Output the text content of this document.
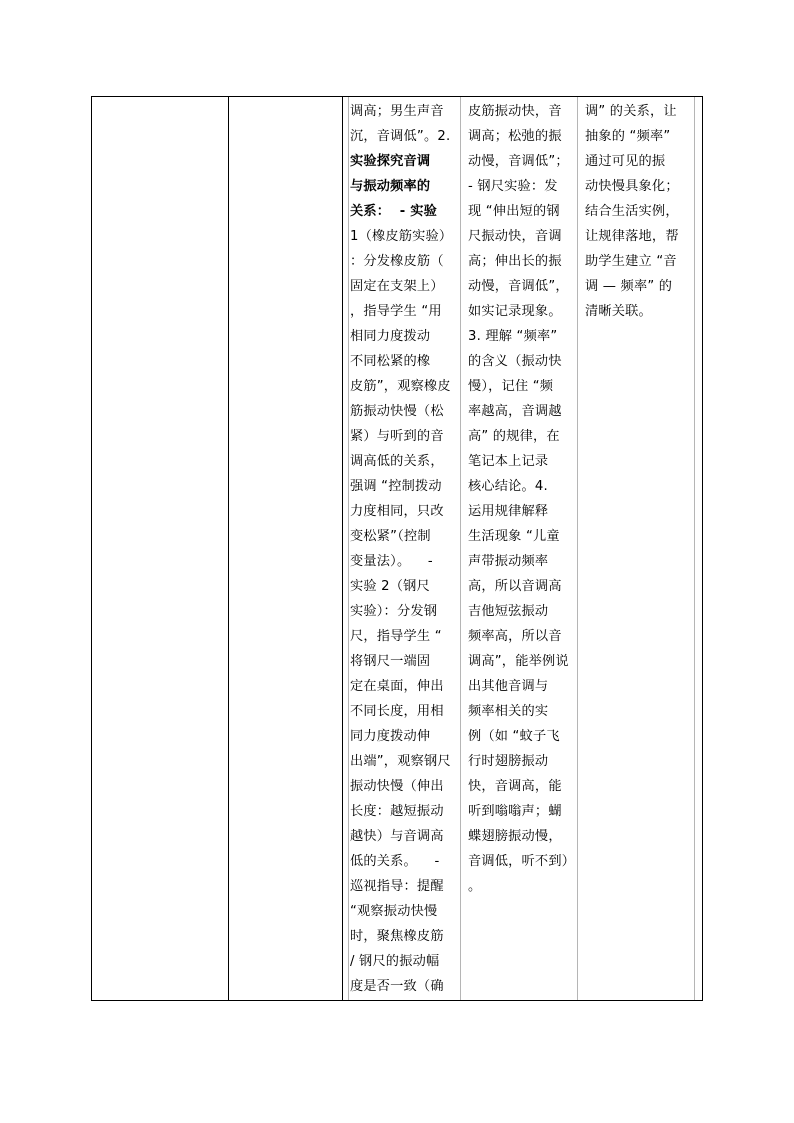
调高；男生声音
沉，音调低”。2.
实验探究音调
与振动频率的
关系：  - 实验
1（橡皮筋实验）
：分发橡皮筋（
固定在支架上）
，指导学生 “用
相同力度拨动
不同松紧的橡
皮筋”，观察橡皮
筋振动快慢（松
紧）与听到的音
调高低的关系，
强调 “控制拨动
力度相同，只改
变松紧”（控制
变量法）。    -
实验 2（钢尺
实验）：分发钢
尺，指导学生 “
将钢尺一端固
定在桌面，伸出
不同长度，用相
同力度拨动伸
出端”，观察钢尺
振动快慢（伸出
长度：越短振动
越快）与音调高
低的关系。    -
巡视指导：提醒
“观察振动快慢
时，聚焦橡皮筋
/ 钢尺的振动幅
度是否一致（确
皮筋振动快，音
调高；松弛的振
动慢，音调低”；
- 钢尺实验：发
现 “伸出短的钢
尺振动快，音调
高；伸出长的振
动慢，音调低”，
如实记录现象。
3. 理解 “频率”
的含义（振动快
慢），记住 “频
率越高，音调越
高” 的规律，在
笔记本上记录
核心结论。4.
运用规律解释
生活现象 “儿童
声带振动频率
高，所以音调高
吉他短弦振动
频率高，所以音
调高”，能举例说
出其他音调与
频率相关的实
例（如 “蚊子飞
行时翅膀振动
快，音调高，能
听到嗡嗡声；蝴
蝶翅膀振动慢，
音调低，听不到）
。
调” 的关系，让
抽象的 “频率”
通过可见的振
动快慢具象化；
结合生活实例，
让规律落地，帮
助学生建立 “音
调 — 频率” 的
清晰关联。
